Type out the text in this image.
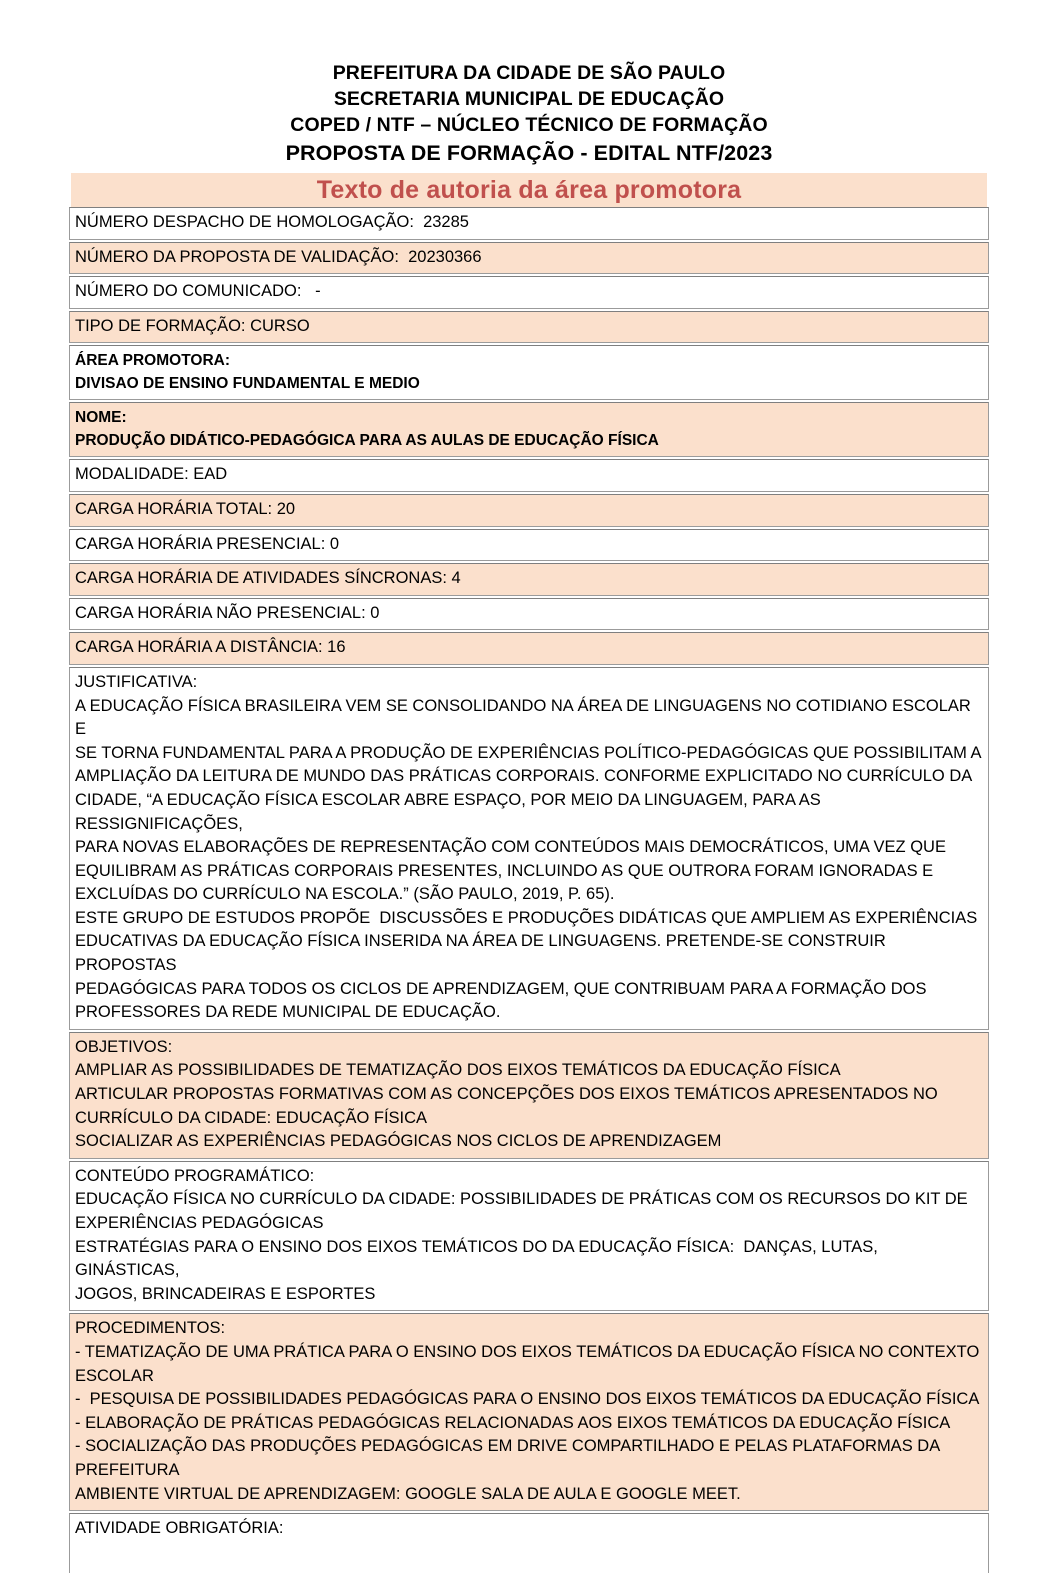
PREFEITURA DA CIDADE DE SÃO PAULO
SECRETARIA MUNICIPAL DE EDUCAÇÃO
COPED / NTF – NÚCLEO TÉCNICO DE FORMAÇÃO
PROPOSTA DE FORMAÇÃO - EDITAL NTF/2023
Texto de autoria da área promotora
NÚMERO DESPACHO DE HOMOLOGAÇÃO:  23285
NÚMERO DA PROPOSTA DE VALIDAÇÃO:  20230366
NÚMERO DO COMUNICADO:   -
TIPO DE FORMAÇÃO: CURSO
ÁREA PROMOTORA:
DIVISAO DE ENSINO FUNDAMENTAL E MEDIO
NOME:
PRODUÇÃO DIDÁTICO-PEDAGÓGICA PARA AS AULAS DE EDUCAÇÃO FÍSICA
MODALIDADE: EAD
CARGA HORÁRIA TOTAL: 20
CARGA HORÁRIA PRESENCIAL: 0
CARGA HORÁRIA DE ATIVIDADES SÍNCRONAS: 4
CARGA HORÁRIA NÃO PRESENCIAL: 0
CARGA HORÁRIA A DISTÂNCIA: 16
JUSTIFICATIVA:
A EDUCAÇÃO FÍSICA BRASILEIRA VEM SE CONSOLIDANDO NA ÁREA DE LINGUAGENS NO COTIDIANO ESCOLAR E
SE TORNA FUNDAMENTAL PARA A PRODUÇÃO DE EXPERIÊNCIAS POLÍTICO-PEDAGÓGICAS QUE POSSIBILITAM A
AMPLIAÇÃO DA LEITURA DE MUNDO DAS PRÁTICAS CORPORAIS. CONFORME EXPLICITADO NO CURRÍCULO DA
CIDADE, “A EDUCAÇÃO FÍSICA ESCOLAR ABRE ESPAÇO, POR MEIO DA LINGUAGEM, PARA AS RESSIGNIFICAÇÕES,
PARA NOVAS ELABORAÇÕES DE REPRESENTAÇÃO COM CONTEÚDOS MAIS DEMOCRÁTICOS, UMA VEZ QUE
EQUILIBRAM AS PRÁTICAS CORPORAIS PRESENTES, INCLUINDO AS QUE OUTRORA FORAM IGNORADAS E
EXCLUÍDAS DO CURRÍCULO NA ESCOLA.” (SÃO PAULO, 2019, P. 65).
ESTE GRUPO DE ESTUDOS PROPÕE  DISCUSSÕES E PRODUÇÕES DIDÁTICAS QUE AMPLIEM AS EXPERIÊNCIAS
EDUCATIVAS DA EDUCAÇÃO FÍSICA INSERIDA NA ÁREA DE LINGUAGENS. PRETENDE-SE CONSTRUIR PROPOSTAS
PEDAGÓGICAS PARA TODOS OS CICLOS DE APRENDIZAGEM, QUE CONTRIBUAM PARA A FORMAÇÃO DOS
PROFESSORES DA REDE MUNICIPAL DE EDUCAÇÃO.
OBJETIVOS:
AMPLIAR AS POSSIBILIDADES DE TEMATIZAÇÃO DOS EIXOS TEMÁTICOS DA EDUCAÇÃO FÍSICA
ARTICULAR PROPOSTAS FORMATIVAS COM AS CONCEPÇÕES DOS EIXOS TEMÁTICOS APRESENTADOS NO
CURRÍCULO DA CIDADE: EDUCAÇÃO FÍSICA
SOCIALIZAR AS EXPERIÊNCIAS PEDAGÓGICAS NOS CICLOS DE APRENDIZAGEM
CONTEÚDO PROGRAMÁTICO:
EDUCAÇÃO FÍSICA NO CURRÍCULO DA CIDADE: POSSIBILIDADES DE PRÁTICAS COM OS RECURSOS DO KIT DE
EXPERIÊNCIAS PEDAGÓGICAS
ESTRATÉGIAS PARA O ENSINO DOS EIXOS TEMÁTICOS DO DA EDUCAÇÃO FÍSICA:  DANÇAS, LUTAS, GINÁSTICAS,
JOGOS, BRINCADEIRAS E ESPORTES
PROCEDIMENTOS:
- TEMATIZAÇÃO DE UMA PRÁTICA PARA O ENSINO DOS EIXOS TEMÁTICOS DA EDUCAÇÃO FÍSICA NO CONTEXTO
ESCOLAR
-  PESQUISA DE POSSIBILIDADES PEDAGÓGICAS PARA O ENSINO DOS EIXOS TEMÁTICOS DA EDUCAÇÃO FÍSICA
- ELABORAÇÃO DE PRÁTICAS PEDAGÓGICAS RELACIONADAS AOS EIXOS TEMÁTICOS DA EDUCAÇÃO FÍSICA
- SOCIALIZAÇÃO DAS PRODUÇÕES PEDAGÓGICAS EM DRIVE COMPARTILHADO E PELAS PLATAFORMAS DA
PREFEITURA
AMBIENTE VIRTUAL DE APRENDIZAGEM: GOOGLE SALA DE AULA E GOOGLE MEET.
ATIVIDADE OBRIGATÓRIA:
